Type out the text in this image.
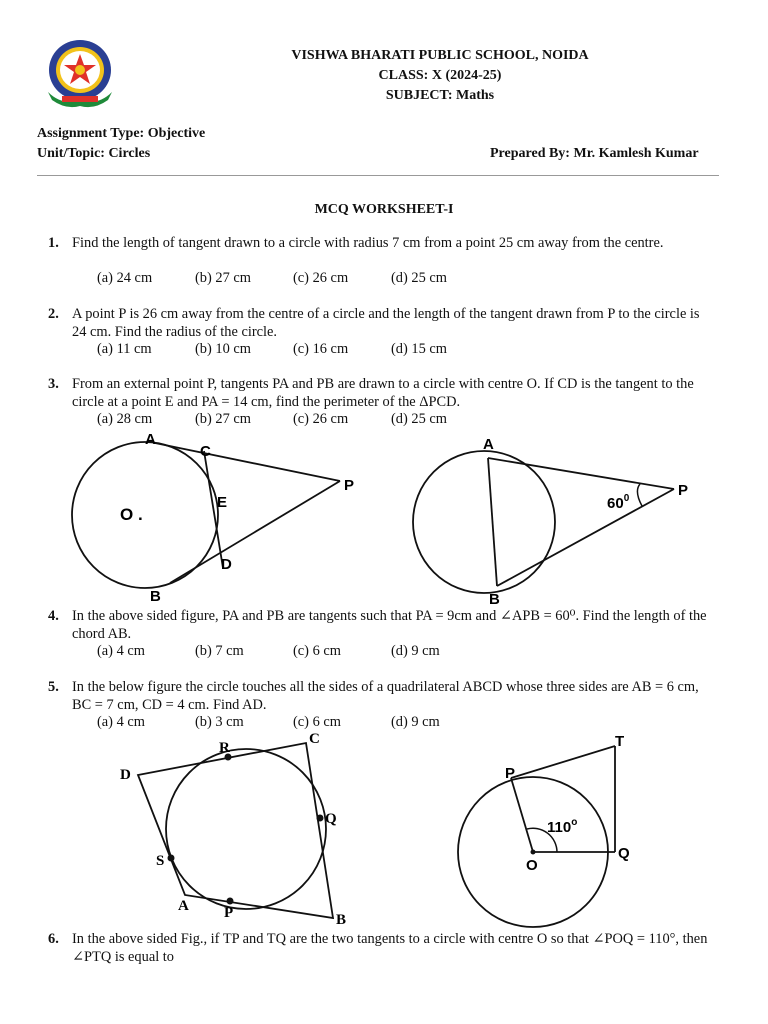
VISHWA BHARATI PUBLIC SCHOOL, NOIDA
CLASS: X (2024-25)
SUBJECT: Maths
Assignment Type: Objective
Unit/Topic: Circles	Prepared By: Mr. Kamlesh Kumar
MCQ WORKSHEET-I
1. Find the length of tangent drawn to a circle with radius 7 cm from a point 25 cm away from the centre.
(a) 24 cm	(b) 27 cm	(c) 26 cm	(d) 25 cm
2. A point P is 26 cm away from the centre of a circle and the length of the tangent drawn from P to the circle is 24 cm. Find the radius of the circle.
(a) 11 cm	(b) 10 cm	(c) 16 cm	(d) 15 cm
3. From an external point P, tangents PA and PB are drawn to a circle with centre O. If CD is the tangent to the circle at a point E and PA = 14 cm, find the perimeter of the ΔPCD.
(a) 28 cm	(b) 27 cm	(c) 26 cm	(d) 25 cm
A
C
P
O .
E
D
B
A
P
B
$60^0$
4. In the above sided figure, PA and PB are tangents such that PA = 9cm and ∠APB = 60⁰. Find the length of the chord AB.
(a) 4 cm	(b) 7 cm	(c) 6 cm	(d) 9 cm
5. In the below figure the circle touches all the sides of a quadrilateral ABCD whose three sides are AB = 6 cm, BC = 7 cm, CD = 4 cm. Find AD.
(a) 4 cm	(b) 3 cm	(c) 6 cm	(d) 9 cm
R
C
D
Q
S
A P	B
T
P
O
Q
110$^o$
6. In the above sided Fig., if TP and TQ are the two tangents to a circle with centre O so that ∠POQ = 110°, then ∠PTQ is equal to
